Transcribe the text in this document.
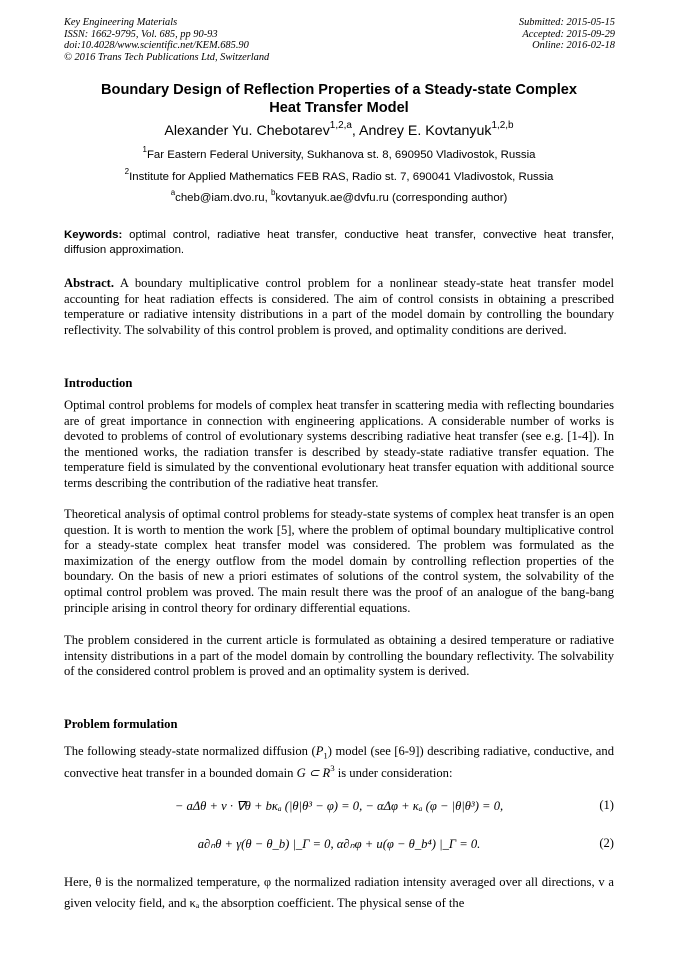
Key Engineering Materials
ISSN: 1662-9795, Vol. 685, pp 90-93
doi:10.4028/www.scientific.net/KEM.685.90
© 2016 Trans Tech Publications Ltd, Switzerland
Submitted: 2015-05-15
Accepted: 2015-09-29
Online: 2016-02-18
Boundary Design of Reflection Properties of a Steady-state Complex
Heat Transfer Model
Alexander Yu. Chebotarev$^{1,2,a}$, Andrey E. Kovtanyuk$^{1,2,b}$
$^1$Far Eastern Federal University, Sukhanova st. 8, 690950 Vladivostok, Russia
$^2$Institute for Applied Mathematics FEB RAS, Radio st. 7, 690041 Vladivostok, Russia
$^a$cheb@iam.dvo.ru, $^b$kovtanyuk.ae@dvfu.ru (corresponding author)
Keywords: optimal control, radiative heat transfer, conductive heat transfer, convective heat transfer, diffusion approximation.
Abstract. A boundary multiplicative control problem for a nonlinear steady-state heat transfer model accounting for heat radiation effects is considered. The aim of control consists in obtaining a prescribed temperature or radiative intensity distributions in a part of the model domain by controlling the boundary reflectivity. The solvability of this control problem is proved, and optimality conditions are derived.
Introduction
Optimal control problems for models of complex heat transfer in scattering media with reflecting boundaries are of great importance in connection with engineering applications. A considerable number of works is devoted to problems of control of evolutionary systems describing radiative heat transfer (see e.g. [1-4]). In the mentioned works, the radiation transfer is described by steady-state radiative transfer equation. The temperature field is simulated by the conventional evolutionary heat transfer equation with additional source terms describing the contribution of the radiative heat transfer.
Theoretical analysis of optimal control problems for steady-state systems of complex heat transfer is an open question. It is worth to mention the work [5], where the problem of optimal boundary multiplicative control for a steady-state complex heat transfer model was considered. The problem was formulated as the maximization of the energy outflow from the model domain by controlling reflection properties of the boundary. On the basis of new a priori estimates of solutions of the control system, the solvability of the optimal control problem was proved. The main result there was the proof of an analogue of the bang-bang principle arising in control theory for ordinary differential equations.
The problem considered in the current article is formulated as obtaining a desired temperature or radiative intensity distributions in a part of the model domain by controlling the boundary reflectivity. The solvability of the considered control problem is proved and an optimality system is derived.
Problem formulation
The following steady-state normalized diffusion $(P_1)$ model (see [6-9]) describing radiative, conductive, and convective heat transfer in a bounded domain G ⊂ $R^3$ is under consideration:
− aΔθ + v · ∇θ + bκₐ (|θ|θ³ − φ) = 0, − αΔφ + κₐ (φ − |θ|θ³) = 0,	(1)
a∂ₙθ + γ(θ − θ_b) |_Γ = 0, α∂ₙφ + u(φ − θ_b⁴) |_Γ = 0.	(2)
Here, θ is the normalized temperature, φ the normalized radiation intensity averaged over all directions, v a given velocity field, and κₐ the absorption coefficient. The physical sense of the
